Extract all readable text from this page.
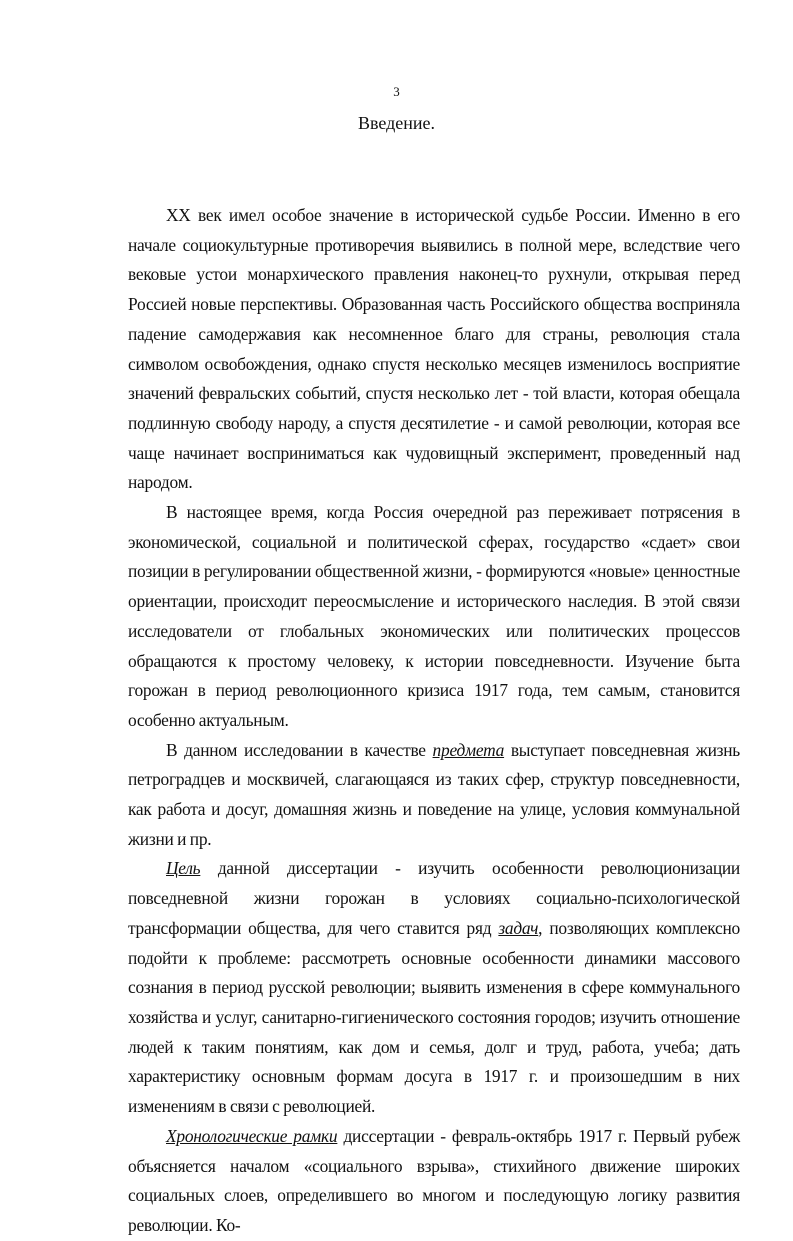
3
Введение.

XX век имел особое значение в исторической судьбе России. Именно в его начале социокультурные противоречия выявились в полной мере, вследствие чего вековые устои монархического правления наконец-то рухнули, открывая перед Россией новые перспективы. Образованная часть Российского общества восприняла падение самодержавия как несомненное благо для страны, революция стала символом освобождения, однако спустя несколько месяцев изменилось восприятие значений февральских событий, спустя несколько лет - той власти, которая обещала подлинную свободу народу, а спустя десятилетие - и самой революции, которая все чаще начинает восприниматься как чудовищный эксперимент, проведенный над народом.

В настоящее время, когда Россия очередной раз переживает потрясения в экономической, социальной и политической сферах, государство «сдает» свои позиции в регулировании общественной жизни, - формируются «новые» ценностные ориентации, происходит переосмысление и исторического наследия. В этой связи исследователи от глобальных экономических или политических процессов обращаются к простому человеку, к истории повседневности. Изучение быта горожан в период революционного кризиса 1917 года, тем самым, становится особенно актуальным.

В данном исследовании в качестве предмета выступает повседневная жизнь петроградцев и москвичей, слагающаяся из таких сфер, структур повседневности, как работа и досуг, домашняя жизнь и поведение на улице, условия коммунальной жизни и пр.

Цель данной диссертации - изучить особенности революционизации повседневной жизни горожан в условиях социально-психологической трансформации общества, для чего ставится ряд задач, позволяющих комплексно подойти к проблеме: рассмотреть основные особенности динамики массового сознания в период русской революции; выявить изменения в сфере коммунального хозяйства и услуг, санитарно-гигиенического состояния городов; изучить отношение людей к таким понятиям, как дом и семья, долг и труд, работа, учеба; дать характеристику основным формам досуга в 1917 г. и произошедшим в них изменениям в связи с революцией.

Хронологические рамки диссертации - февраль-октябрь 1917 г. Первый рубеж объясняется началом «социального взрыва», стихийного движение широких социальных слоев, определившего во многом и последующую логику развития революции. Ко-
